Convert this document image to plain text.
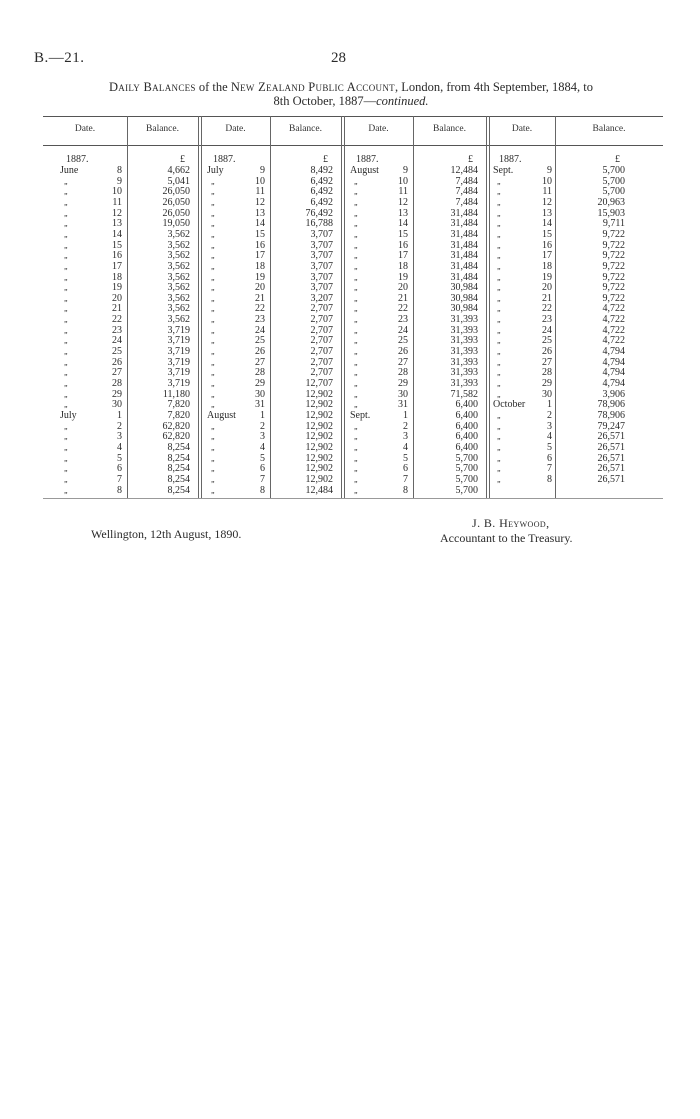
B.—21.	28
Daily Balances of the New Zealand Public Account, London, from 4th September, 1884, to
8th October, 1887—continued.
Date.	Balance.
1887.	£
June	8	4,662
„	9	5,041
„	10	26,050
„	11	26,050
„	12	26,050
„	13	19,050
„	14	3,562
„	15	3,562
„	16	3,562
„	17	3,562
„	18	3,562
„	19	3,562
„	20	3,562
„	21	3,562
„	22	3,562
„	23	3,719
„	24	3,719
„	25	3,719
„	26	3,719
„	27	3,719
„	28	3,719
„	29	11,180
„	30	7,820
July	1	7,820
„	2	62,820
„	3	62,820
„	4	8,254
„	5	8,254
„	6	8,254
„	7	8,254
„	8	8,254
Date.	Balance.
1887.	£
July	9	8,492
„	10	6,492
„	11	6,492
„	12	6,492
„	13	76,492
„	14	16,788
„	15	3,707
„	16	3,707
„	17	3,707
„	18	3,707
„	19	3,707
„	20	3,707
„	21	3,207
„	22	2,707
„	23	2,707
„	24	2,707
„	25	2,707
„	26	2,707
„	27	2,707
„	28	2,707
„	29	12,707
„	30	12,902
„	31	12,902
August	1	12,902
„	2	12,902
„	3	12,902
„	4	12,902
„	5	12,902
„	6	12,902
„	7	12,902
„	8	12,484
Date.	Balance.
1887.	£
August	9	12,484
„	10	7,484
„	11	7,484
„	12	7,484
„	13	31,484
„	14	31,484
„	15	31,484
„	16	31,484
„	17	31,484
„	18	31,484
„	19	31,484
„	20	30,984
„	21	30,984
„	22	30,984
„	23	31,393
„	24	31,393
„	25	31,393
„	26	31,393
„	27	31,393
„	28	31,393
„	29	31,393
„	30	71,582
„	31	6,400
Sept.	1	6,400
„	2	6,400
„	3	6,400
„	4	6,400
„	5	5,700
„	6	5,700
„	7	5,700
„	8	5,700
Date.	Balance.
1887.	£
Sept.	9	5,700
„	10	5,700
„	11	5,700
„	12	20,963
„	13	15,903
„	14	9,711
„	15	9,722
„	16	9,722
„	17	9,722
„	18	9,722
„	19	9,722
„	20	9,722
„	21	9,722
„	22	4,722
„	23	4,722
„	24	4,722
„	25	4,722
„	26	4,794
„	27	4,794
„	28	4,794
„	29	4,794
„	30	3,906
October	1	78,906
„	2	78,906
„	3	79,247
„	4	26,571
„	5	26,571
„	6	26,571
„	7	26,571
„	8	26,571
Wellington, 12th August, 1890.
J. B. Heywood,
Accountant to the Treasury.
